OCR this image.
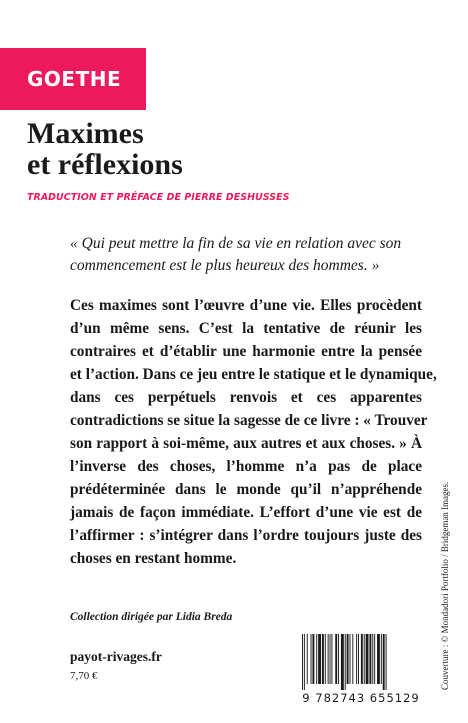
GOETHE
Maximes
et réflexions
TRADUCTION ET PRÉFACE DE PIERRE DESHUSSES
« Qui peut mettre la fin de sa vie en relation avec son
commencement est le plus heureux des hommes. »
Ces maximes sont l’œuvre d’une vie. Elles procèdent
d’un même sens. C’est la tentative de réunir les
contraires et d’établir une harmonie entre la pensée
et l’action. Dans ce jeu entre le statique et le dynamique,
dans ces perpétuels renvois et ces apparentes
contradictions se situe la sagesse de ce livre : « Trouver
son rapport à soi-même, aux autres et aux choses. » À
l’inverse des choses, l’homme n’a pas de place
prédéterminée dans le monde qu’il n’appréhende
jamais de façon immédiate. L’effort d’une vie est de
l’affirmer : s’intégrer dans l’ordre toujours juste des
choses en restant homme.
Collection dirigée par Lidia Breda
payot-rivages.fr
7,70 €
9 782743 655129
Couverture : © Mondadori Portfolio / Bridgeman Images.
